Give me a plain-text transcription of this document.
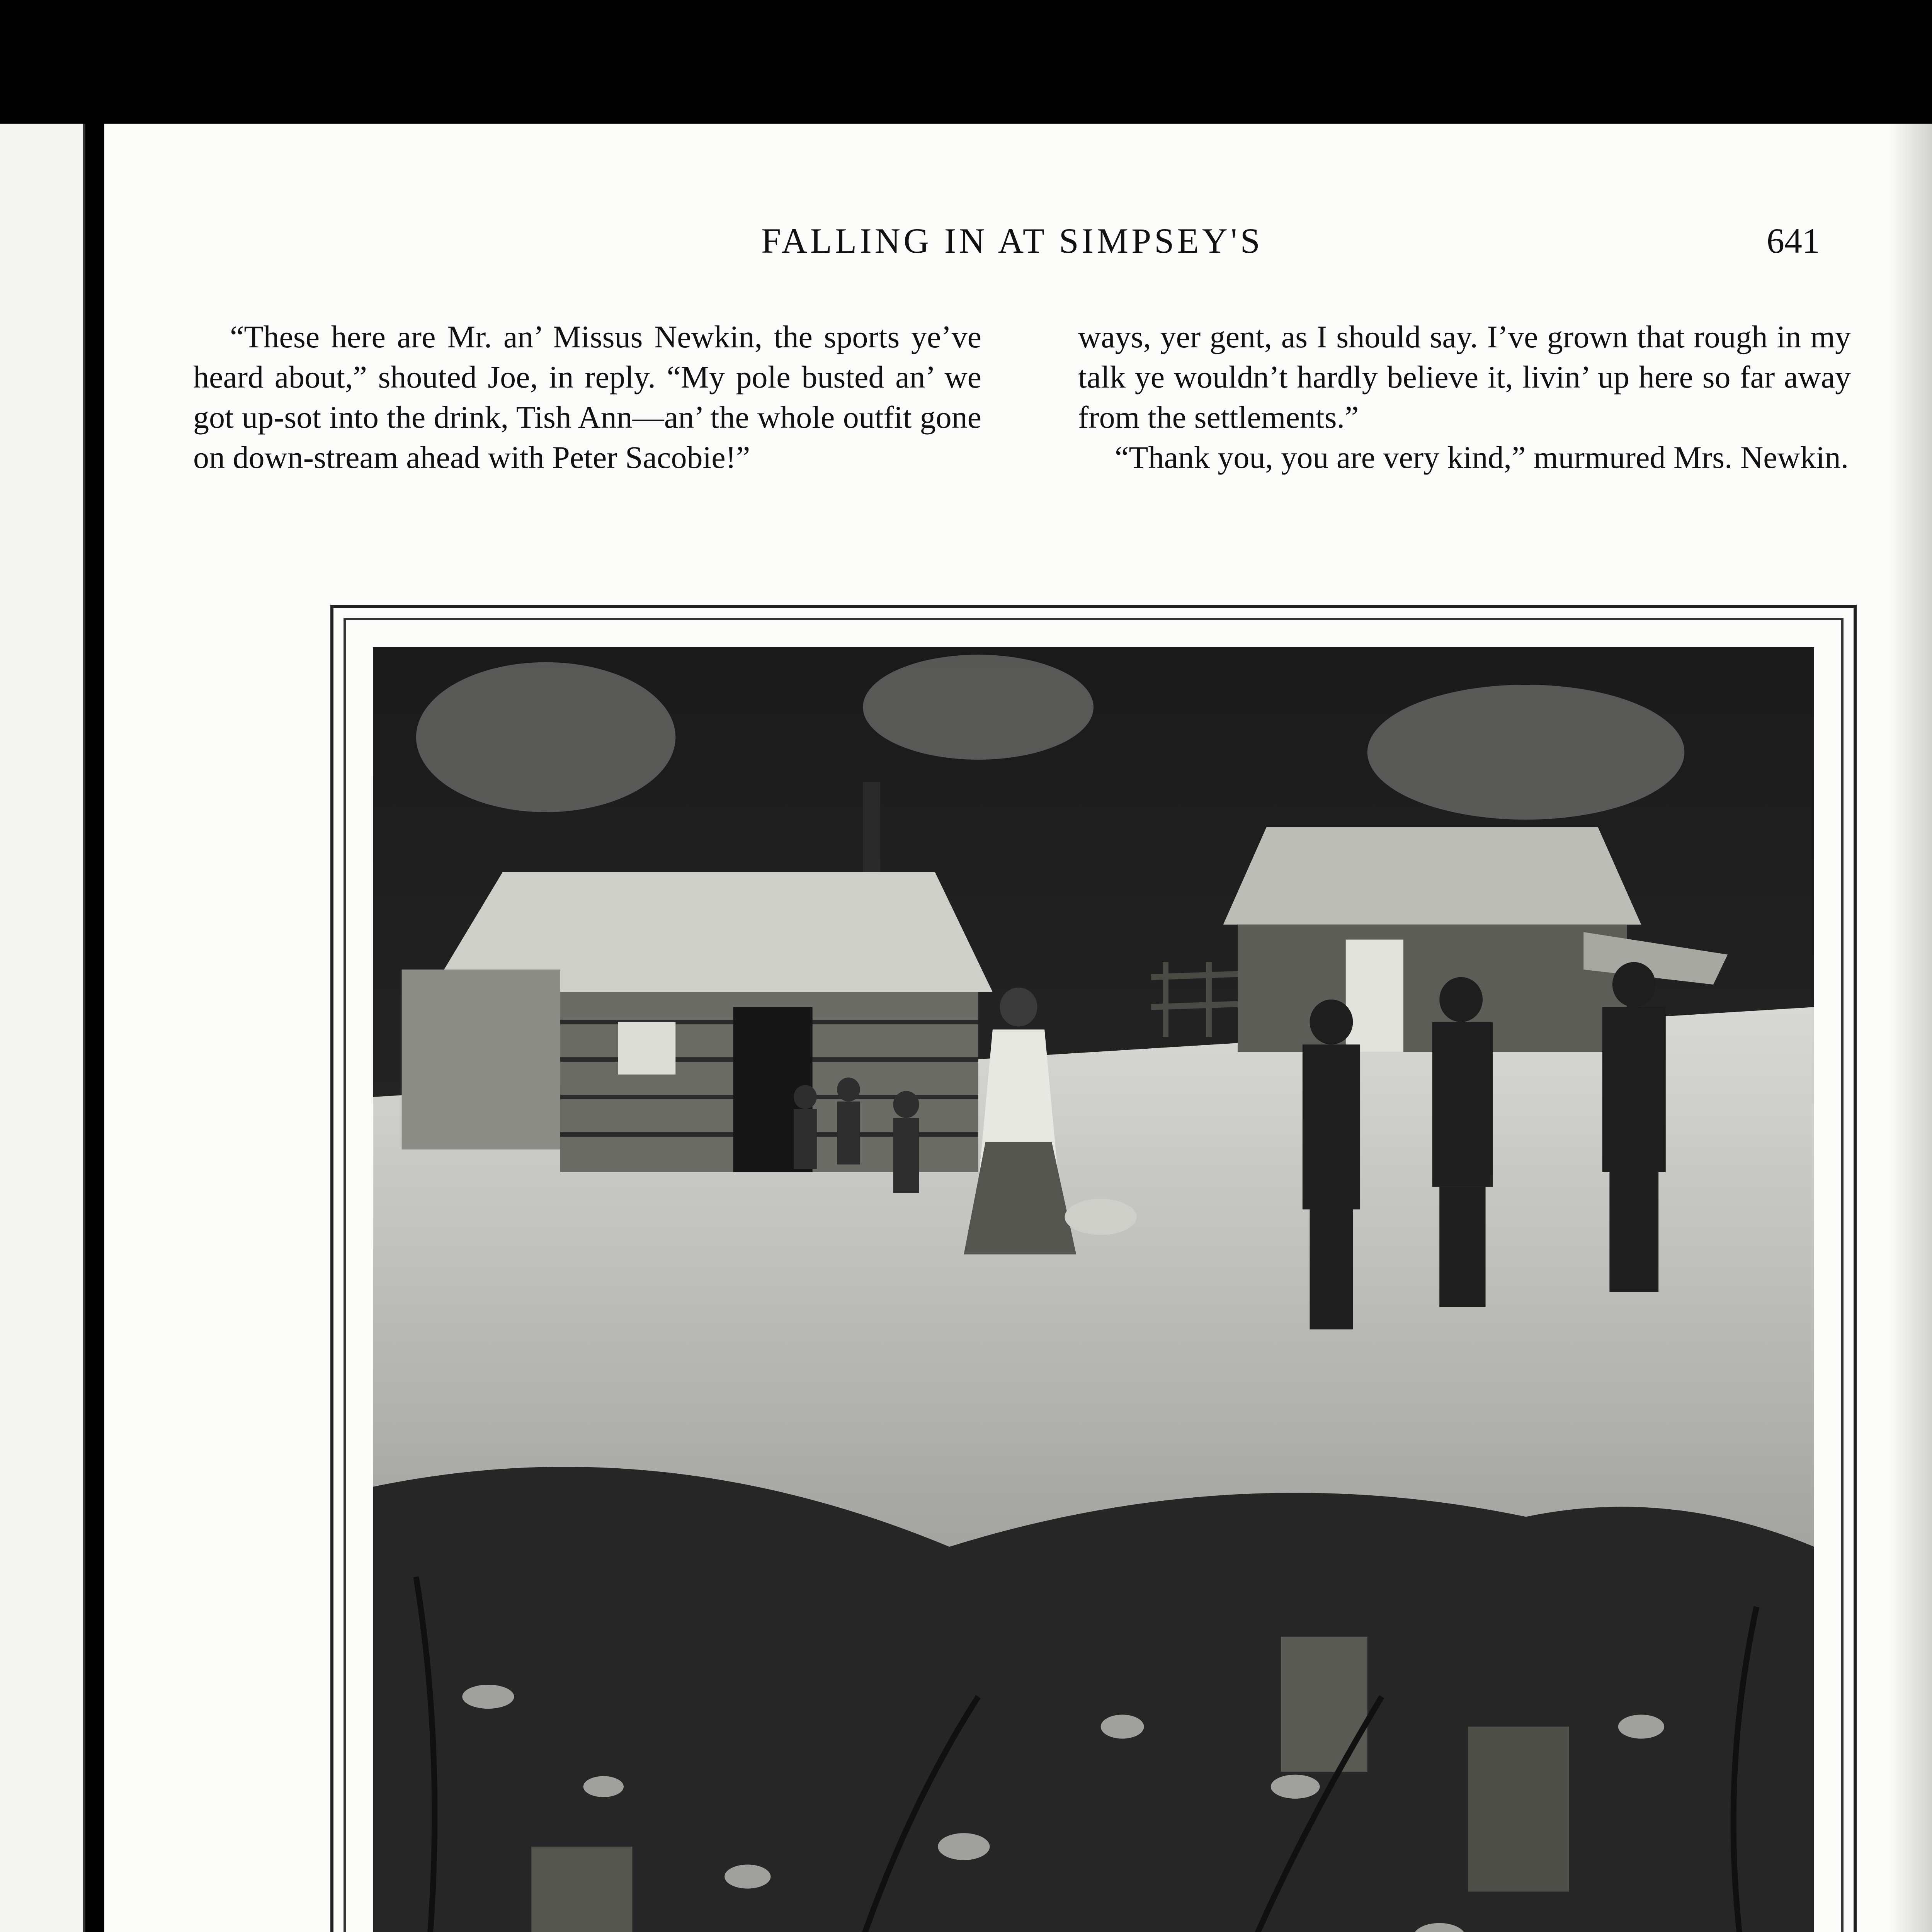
FALLING IN AT SIMPSEY'S	641

“These here are Mr. an’ Missus Newkin, the sports ye’ve heard about,” shouted Joe, in reply. “My pole busted an’ we got up-sot into the drink, Tish Ann—an’ the whole outfit gone on down-stream ahead with Peter Sacobie!”

ways, yer gent, as I should say. I’ve grown that rough in my talk ye wouldn’t hardly believe it, livin’ up here so far away from the settlements.”

“Thank you, you are very kind,” murmured Mrs. Newkin.
